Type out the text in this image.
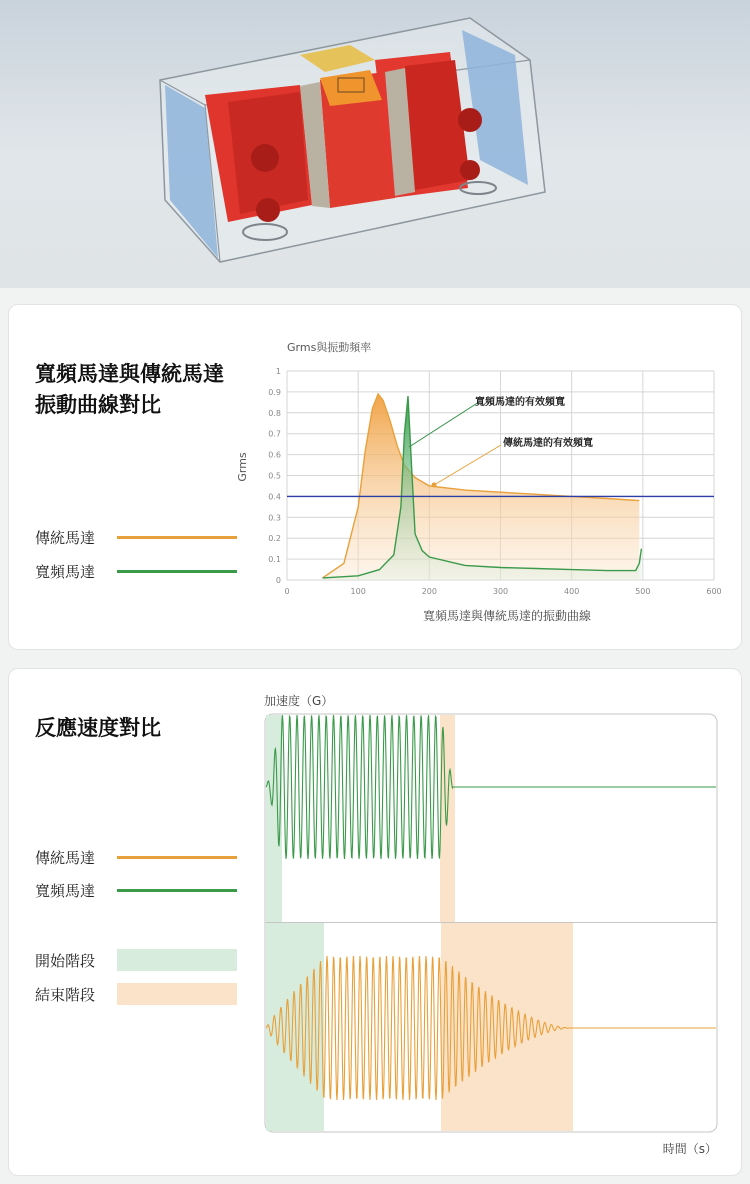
寬頻馬達與傳統馬達
振動曲線對比
傳統馬達
寬頻馬達	0
0.1
0.2
0.3
0.4
0.5
0.6
0.7
0.8
0.9
1
0	100	200	300	400	500	600
Grms與振動頻率
Grms
寬頻馬達與傳統馬達的振動曲線
寬頻馬達的有效頻寬
傳統馬達的有效頻寬
反應速度對比
傳統馬達
寬頻馬達
開始階段
結束階段
加速度（G）
時間（s）
